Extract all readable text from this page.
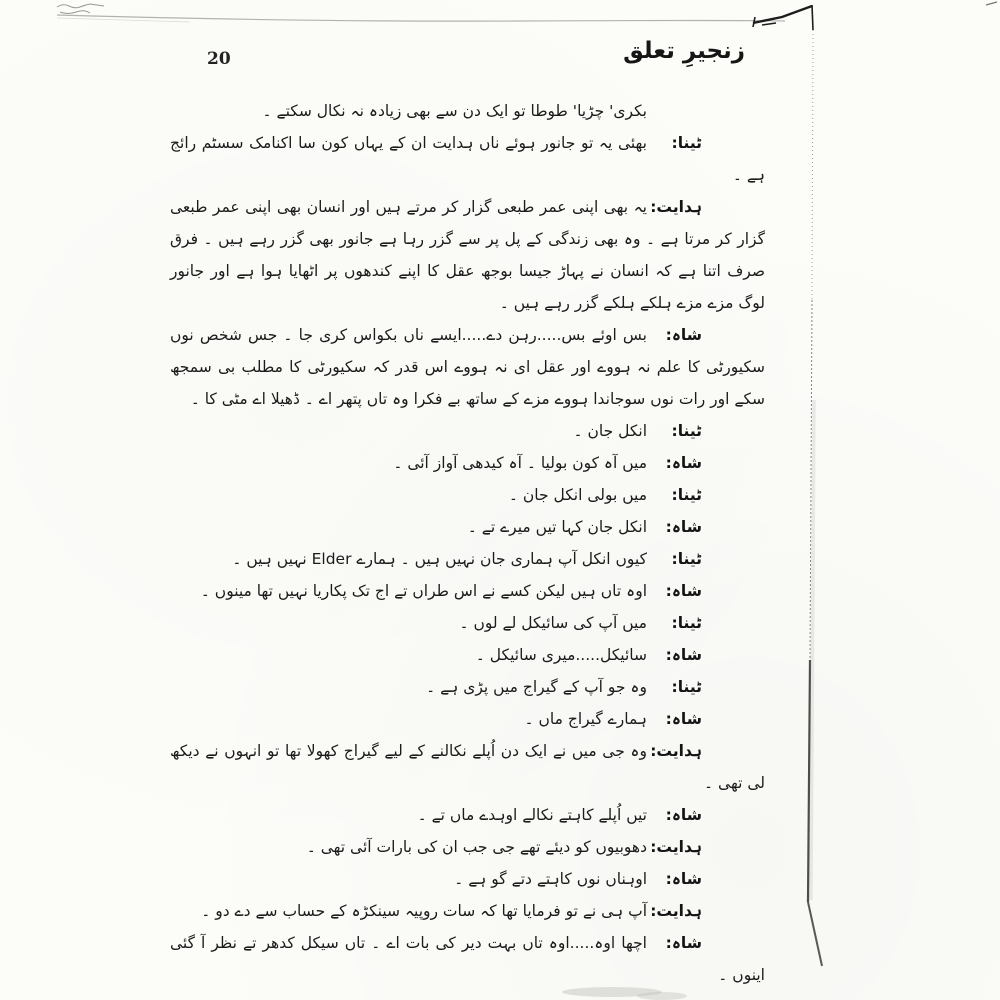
20	زنجیرِ تعلق

بکری' چڑیا' طوطا تو ایک دن سے بھی زیادہ نہ نکال سکتے ۔

ٹینا:
بھئی یہ تو جانور ہوئے ناں ہدایت ان کے یہاں کون سا اکنامک سسٹم رائج ہے ۔

ہدایت:
یہ بھی اپنی عمر طبعی گزار کر مرتے ہیں اور انسان بھی اپنی عمر طبعی گزار کر مرتا ہے ۔ وہ بھی زندگی کے پل پر سے گزر رہا ہے جانور بھی گزر رہے ہیں ۔ فرق صرف اتنا ہے کہ انسان نے پہاڑ جیسا بوجھ عقل کا اپنے کندھوں پر اٹھایا ہوا ہے اور جانور لوگ مزے مزے ہلکے ہلکے گزر رہے ہیں ۔

شاہ:
بس اوئے بس.....رہن دے.....ایسے ناں بکواس کری جا ۔ جس شخص نوں سکیورٹی کا علم نہ ہووے اور عقل ای نہ ہووے اس قدر کہ سکیورٹی کا مطلب بی سمجھ سکے اور رات نوں سوجاندا ہووے مزے کے ساتھ بے فکرا وہ تاں پتھر اے ۔ ڈھیلا اے مٹی کا ۔

ٹینا:
انکل جان ۔

شاہ:
میں آہ کون بولیا ۔ آہ کیدھی آواز آئی ۔

ٹینا:
میں بولی انکل جان ۔

شاہ:
انکل جان کہا تیں میرے تے ۔

ٹینا:
کیوں انکل آپ ہماری جان نہیں ہیں ۔ ہمارے Elder نہیں ہیں ۔

شاہ:
اوہ تاں ہیں لیکن کسے نے اس طراں تے اج تک پکاریا نہیں تھا مینوں ۔

ٹینا:
میں آپ کی سائیکل لے لوں ۔

شاہ:
سائیکل.....میری سائیکل ۔

ٹینا:
وہ جو آپ کے گیراج میں پڑی ہے ۔

شاہ:
ہمارے گیراج ماں ۔

ہدایت:
وہ جی میں نے ایک دن اُپلے نکالنے کے لیے گیراج کھولا تھا تو انہوں نے دیکھ لی تھی ۔

شاہ:
تیں اُپلے کاہتے نکالے اوہدے ماں تے ۔

ہدایت:
دھوبیوں کو دیئے تھے جی جب ان کی بارات آئی تھی ۔

شاہ:
اوہناں نوں کاہتے دتے گو ہے ۔

ہدایت:
آپ ہی نے تو فرمایا تھا کہ سات روپیہ سینکڑہ کے حساب سے دے دو ۔

شاہ:
اچھا اوہ.....اوہ تاں بہت دیر کی بات اے ۔ تاں سیکل کدھر تے نظر آ گئی اینوں ۔
